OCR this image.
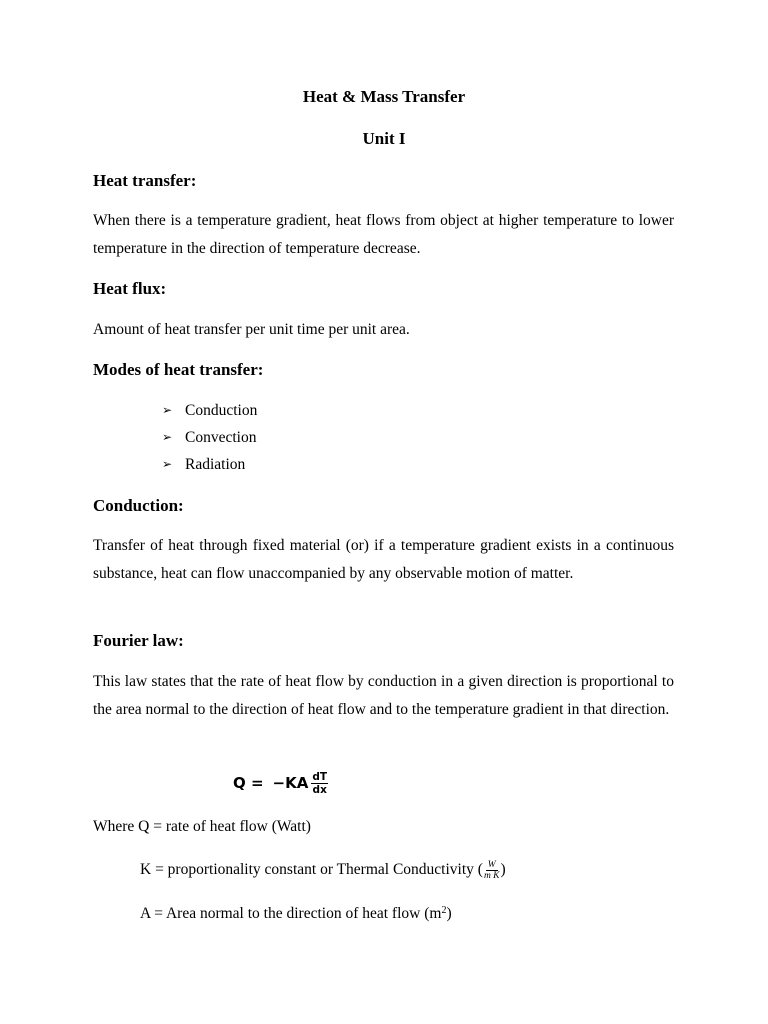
Heat & Mass Transfer
Unit I
Heat transfer:
When there is a temperature gradient, heat flows from object at higher temperature to lower temperature in the direction of temperature decrease.
Heat flux:
Amount of heat transfer per unit time per unit area.
Modes of heat transfer:
➢ Conduction
➢ Convection
➢ Radiation
Conduction:
Transfer of heat through fixed material (or) if a temperature gradient exists in a continuous substance, heat can flow unaccompanied by any observable motion of matter.
Fourier law:
This law states that the rate of heat flow by conduction in a given direction is proportional to the area normal to the direction of heat flow and to the temperature gradient in that direction.
$Q = -KA \frac{dT}{dx}$
Where Q = rate of heat flow (Watt)
K = proportionality constant or Thermal Conductivity ( $\frac{W}{\text{m K}}$ )
A = Area normal to the direction of heat flow $(m^2)$
